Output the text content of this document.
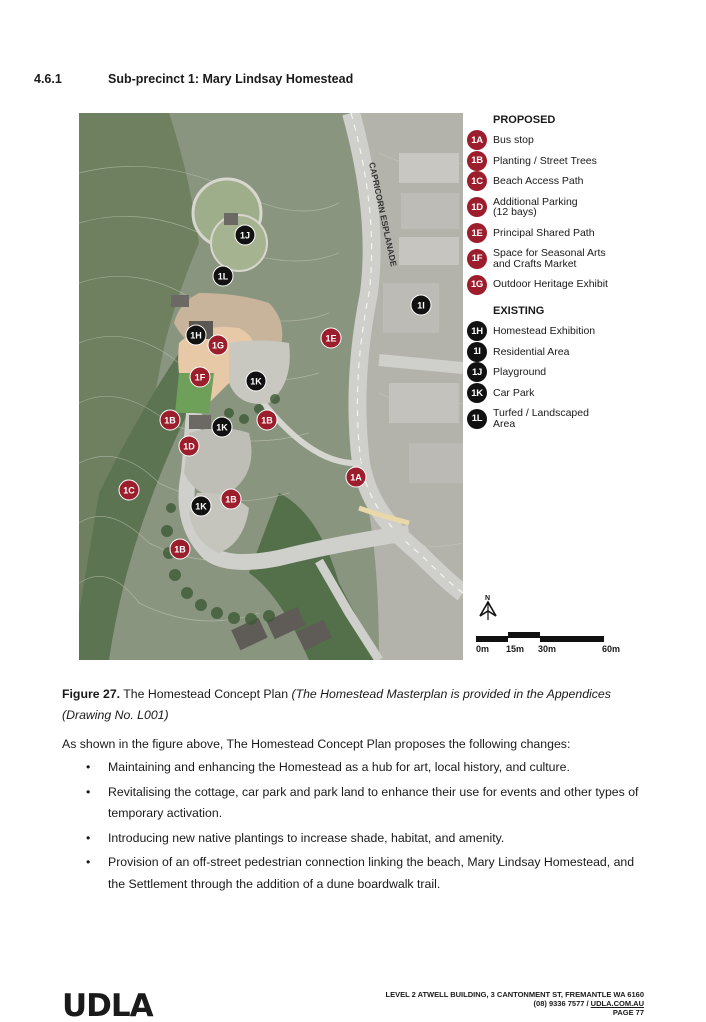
4.6.1	Sub-precinct 1: Mary Lindsay Homestead
CAPRICORN ESPLANADE
1J
1L
1I
1H
1G
1E
1F	1K
1B
1K
1B
1D
1A
1C
1K
1B
1B
PROPOSED
1A Bus stop
1B Planting / Street Trees
1C Beach Access Path
1D Additional Parking
(12 bays)
1E Principal Shared Path
1F	Space for Seasonal Arts
and Crafts Market
1G Outdoor Heritage Exhibit
EXISTING
1H Homestead Exhibition
1I	Residential Area
1J	Playground
1K Car Park
1L	Turfed / Landscaped
Area
N
0m 15m 30m	60m
Figure 27. The Homestead Concept Plan (The Homestead Masterplan is provided in the Appendices (Drawing No. L001)
As shown in the figure above, The Homestead Concept Plan proposes the following changes:
• Maintaining and enhancing the Homestead as a hub for art, local history, and culture.
• Revitalising the cottage, car park and park land to enhance their use for events and other types of temporary activation.
• Introducing new native plantings to increase shade, habitat, and amenity.
• Provision of an off-street pedestrian connection linking the beach, Mary Lindsay Homestead, and the Settlement through the addition of a dune boardwalk trail.
UDLA	LEVEL 2 ATWELL BUILDING, 3 CANTONMENT ST, FREMANTLE WA 6160
(08) 9336 7577 / UDLA.COM.AU
PAGE 77
